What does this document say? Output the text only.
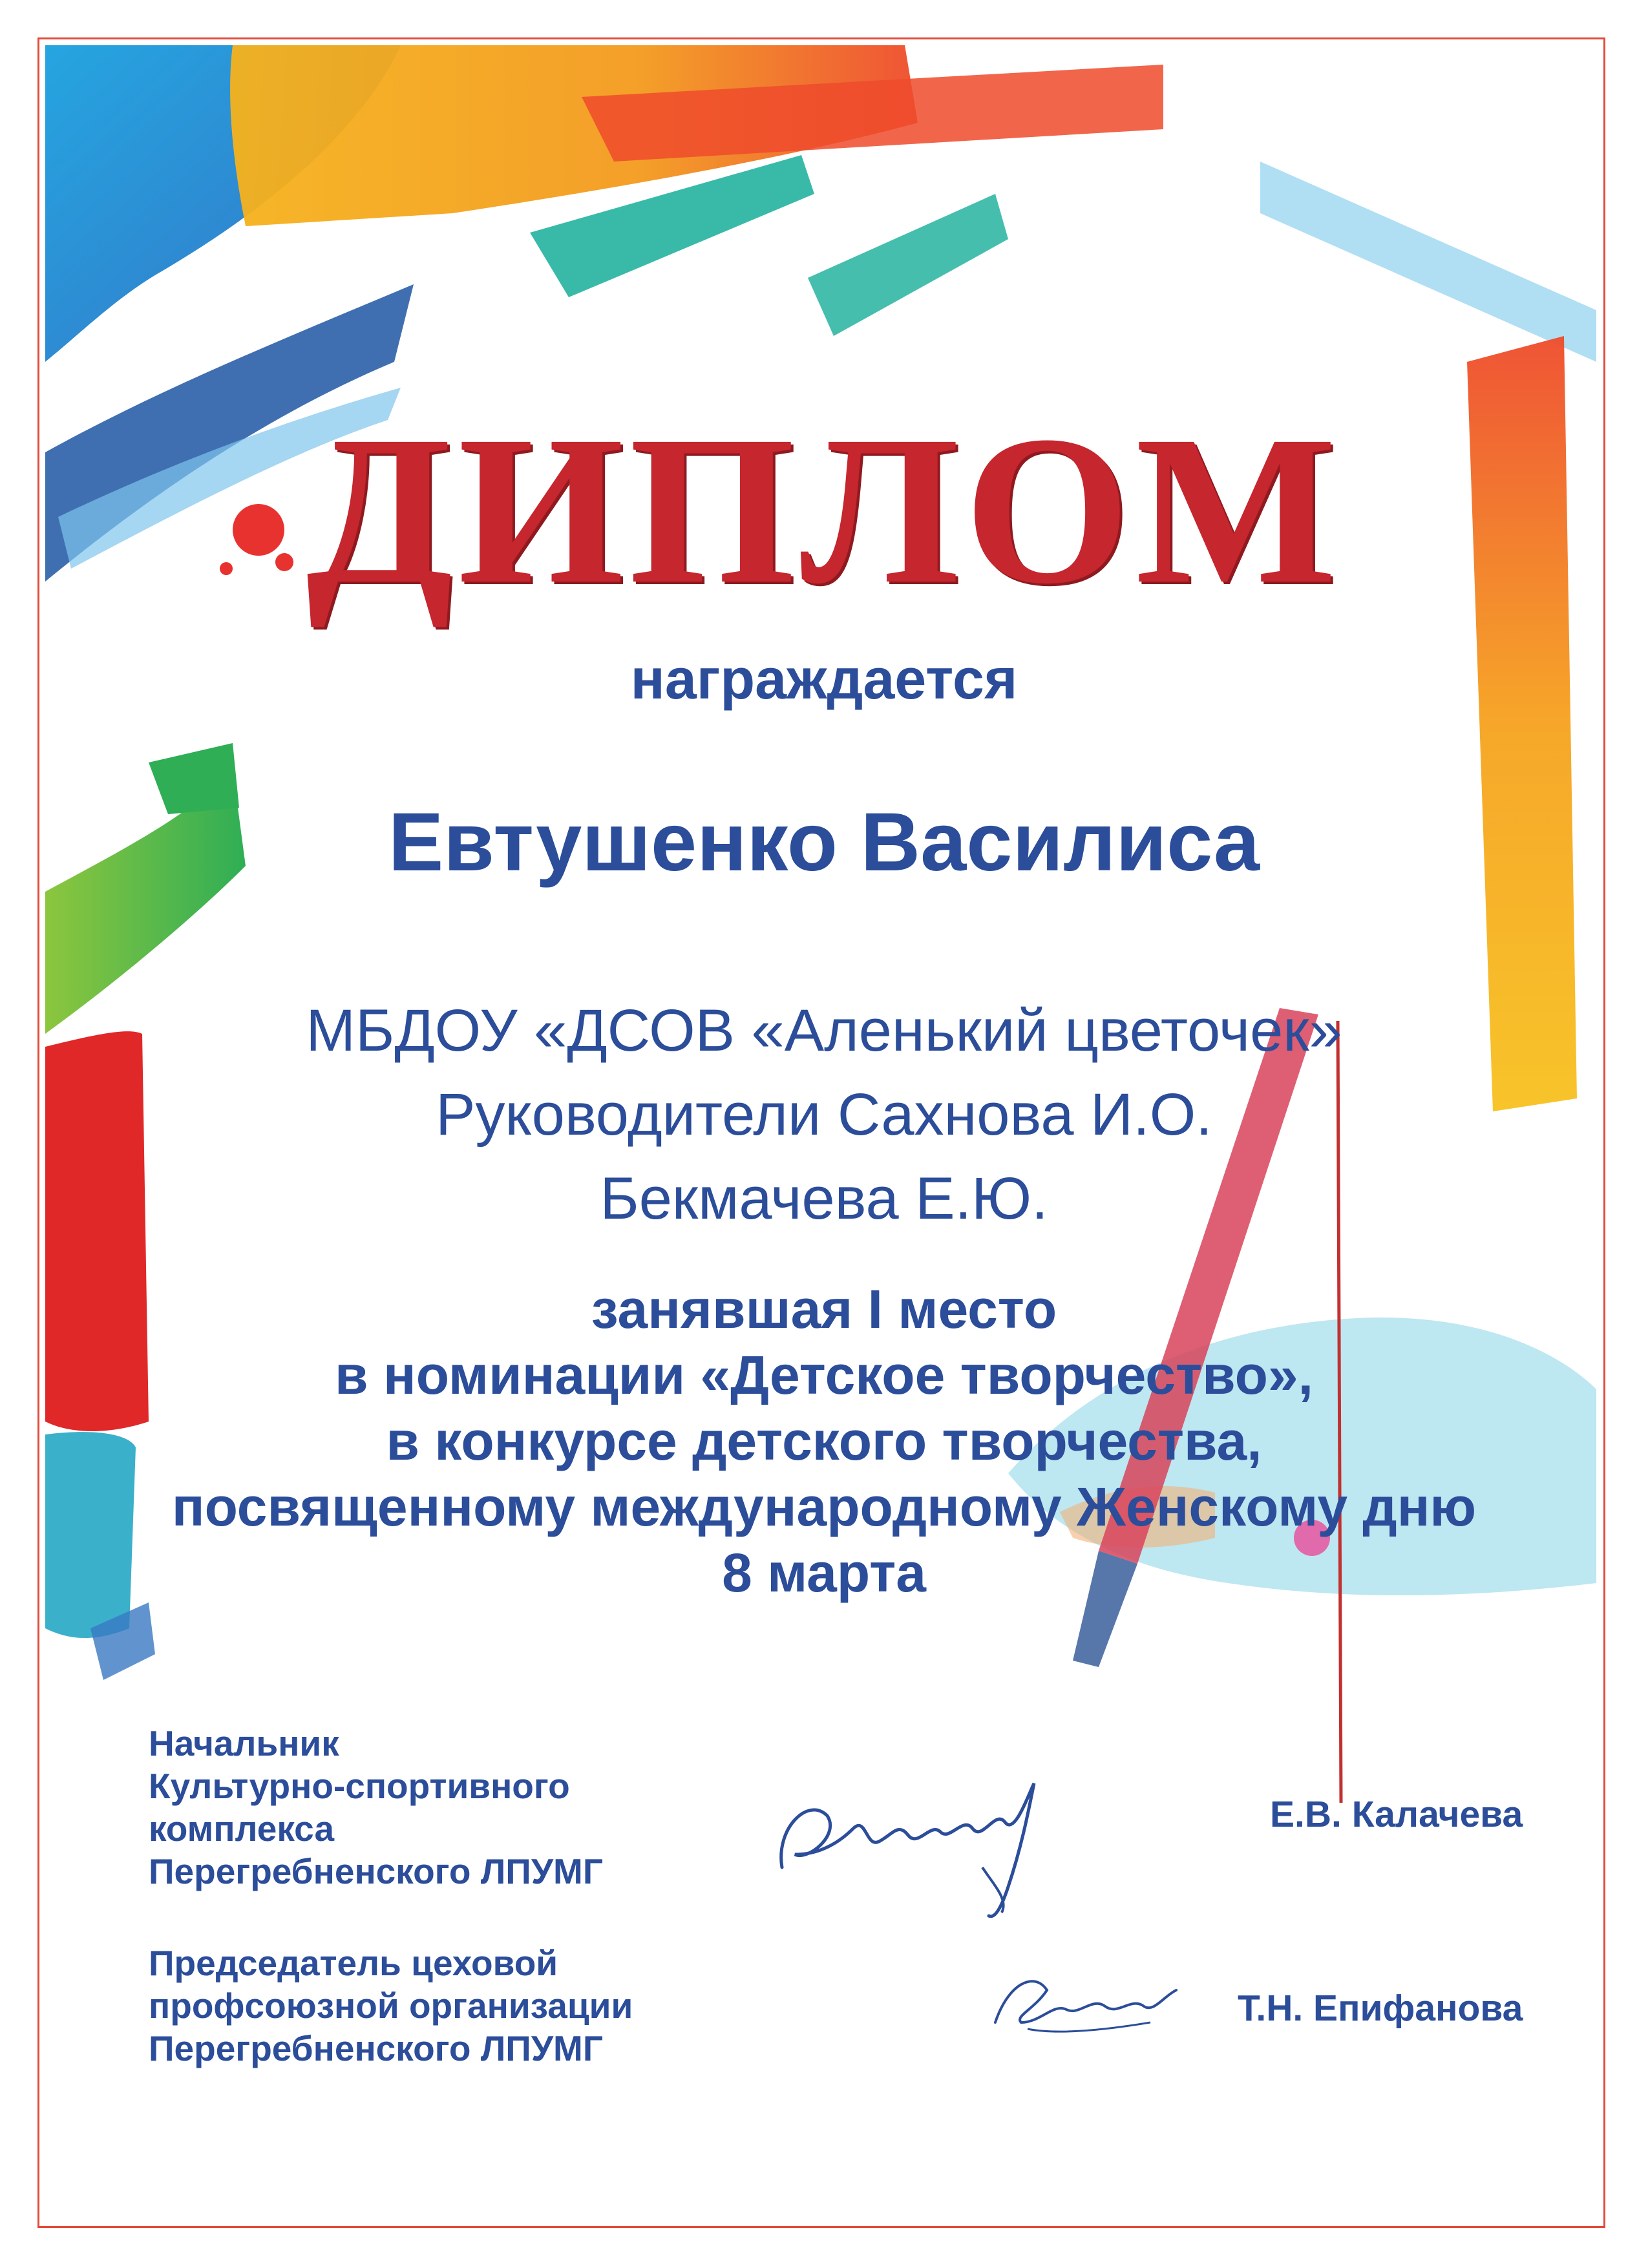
ДИПЛОМ
награждается
Евтушенко Василиса
МБДОУ «ДСОВ «Аленький цветочек»
Руководители Сахнова И.О.
Бекмачева Е.Ю.
занявшая I место
в номинации «Детское творчество»,
в конкурсе детского творчества,
посвященному международному Женскому дню
8 марта
Начальник
Культурно-спортивного
комплекса
Перегребненского ЛПУМГ
Е.В. Калачева
Председатель цеховой
профсоюзной организации
Перегребненского ЛПУМГ
Т.Н. Епифанова
